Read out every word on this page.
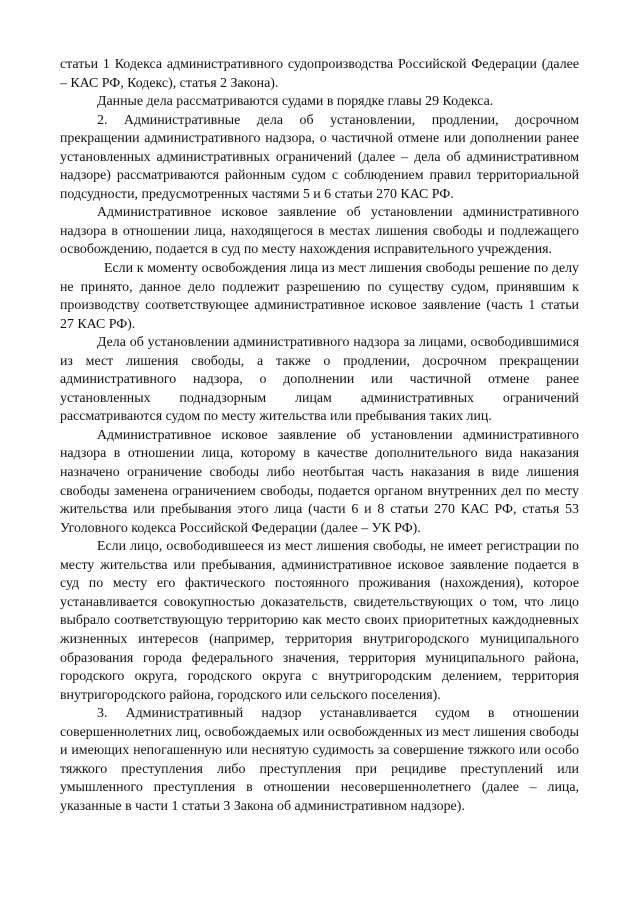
статьи 1 Кодекса административного судопроизводства Российской Федерации (далее – КАС РФ, Кодекс), статья 2 Закона).

Данные дела рассматриваются судами в порядке главы 29 Кодекса.

2. Административные дела об установлении, продлении, досрочном прекращении административного надзора, о частичной отмене или дополнении ранее установленных административных ограничений (далее – дела об административном надзоре) рассматриваются районным судом с соблюдением правил территориальной подсудности, предусмотренных частями 5 и 6 статьи 270 КАС РФ.

Административное исковое заявление об установлении административного надзора в отношении лица, находящегося в местах лишения свободы и подлежащего освобождению, подается в суд по месту нахождения исправительного учреждения.

Если к моменту освобождения лица из мест лишения свободы решение по делу не принято, данное дело подлежит разрешению по существу судом, принявшим к производству соответствующее административное исковое заявление (часть 1 статьи 27 КАС РФ).

Дела об установлении административного надзора за лицами, освободившимися из мест лишения свободы, а также о продлении, досрочном прекращении административного надзора, о дополнении или частичной отмене ранее установленных поднадзорным лицам административных ограничений рассматриваются судом по месту жительства или пребывания таких лиц.

Административное исковое заявление об установлении административного надзора в отношении лица, которому в качестве дополнительного вида наказания назначено ограничение свободы либо неотбытая часть наказания в виде лишения свободы заменена ограничением свободы, подается органом внутренних дел по месту жительства или пребывания этого лица (части 6 и 8 статьи 270 КАС РФ, статья 53 Уголовного кодекса Российской Федерации (далее – УК РФ).

Если лицо, освободившееся из мест лишения свободы, не имеет регистрации по месту жительства или пребывания, административное исковое заявление подается в суд по месту его фактического постоянного проживания (нахождения), которое устанавливается совокупностью доказательств, свидетельствующих о том, что лицо выбрало соответствующую территорию как место своих приоритетных каждодневных жизненных интересов (например, территория внутригородского муниципального образования города федерального значения, территория муниципального района, городского округа, городского округа с внутригородским делением, территория внутригородского района, городского или сельского поселения).

3. Административный надзор устанавливается судом в отношении совершеннолетних лиц, освобождаемых или освобожденных из мест лишения свободы и имеющих непогашенную или неснятую судимость за совершение тяжкого или особо тяжкого преступления либо преступления при рецидиве преступлений или умышленного преступления в отношении несовершеннолетнего (далее – лица, указанные в части 1 статьи 3 Закона об административном надзоре).
